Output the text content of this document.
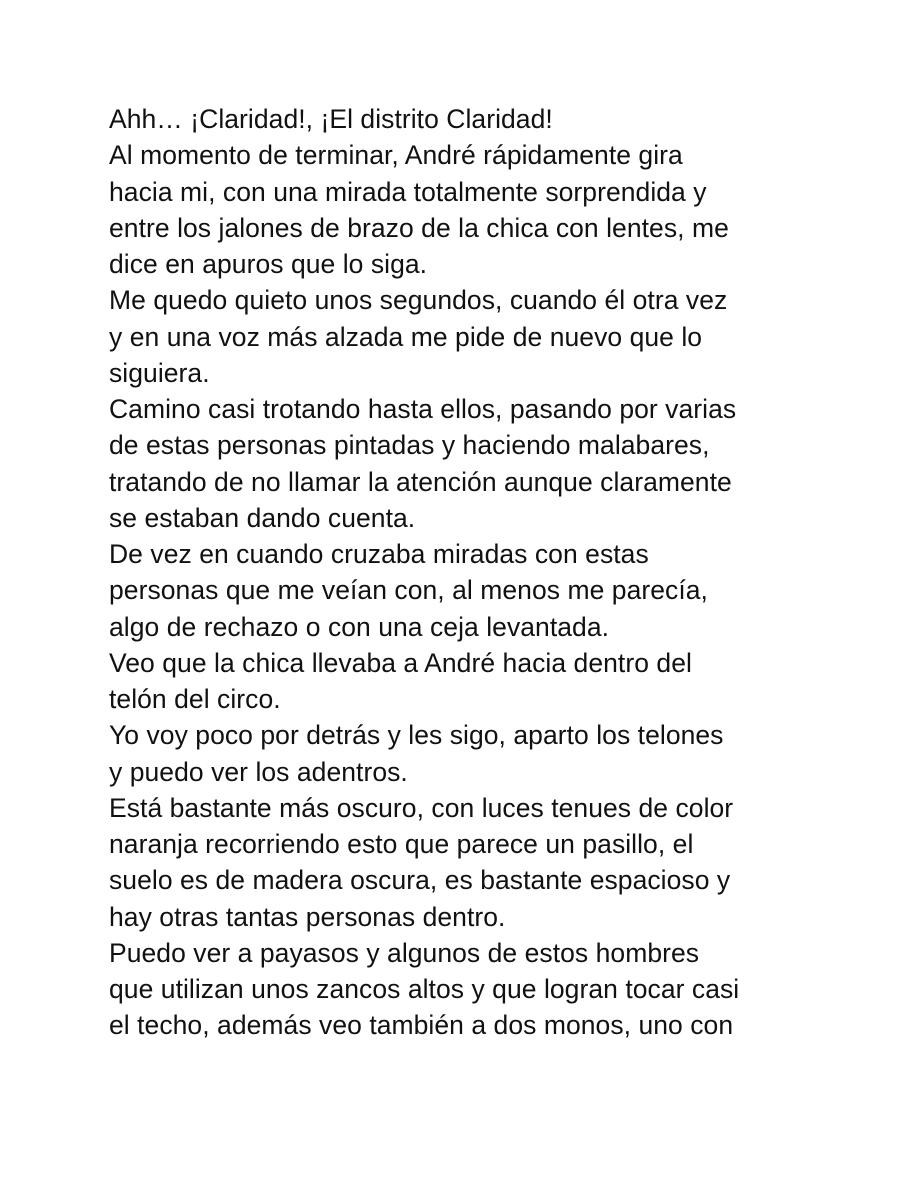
Ahh… ¡Claridad!, ¡El distrito Claridad!
Al momento de terminar, André rápidamente gira
hacia mi, con una mirada totalmente sorprendida y
entre los jalones de brazo de la chica con lentes, me
dice en apuros que lo siga.
Me quedo quieto unos segundos, cuando él otra vez
y en una voz más alzada me pide de nuevo que lo
siguiera.
Camino casi trotando hasta ellos, pasando por varias
de estas personas pintadas y haciendo malabares,
tratando de no llamar la atención aunque claramente
se estaban dando cuenta.
De vez en cuando cruzaba miradas con estas
personas que me veían con, al menos me parecía,
algo de rechazo o con una ceja levantada.
Veo que la chica llevaba a André hacia dentro del
telón del circo.
Yo voy poco por detrás y les sigo, aparto los telones
y puedo ver los adentros.
Está bastante más oscuro, con luces tenues de color
naranja recorriendo esto que parece un pasillo, el
suelo es de madera oscura, es bastante espacioso y
hay otras tantas personas dentro.
Puedo ver a payasos y algunos de estos hombres
que utilizan unos zancos altos y que logran tocar casi
el techo, además veo también a dos monos, uno con
